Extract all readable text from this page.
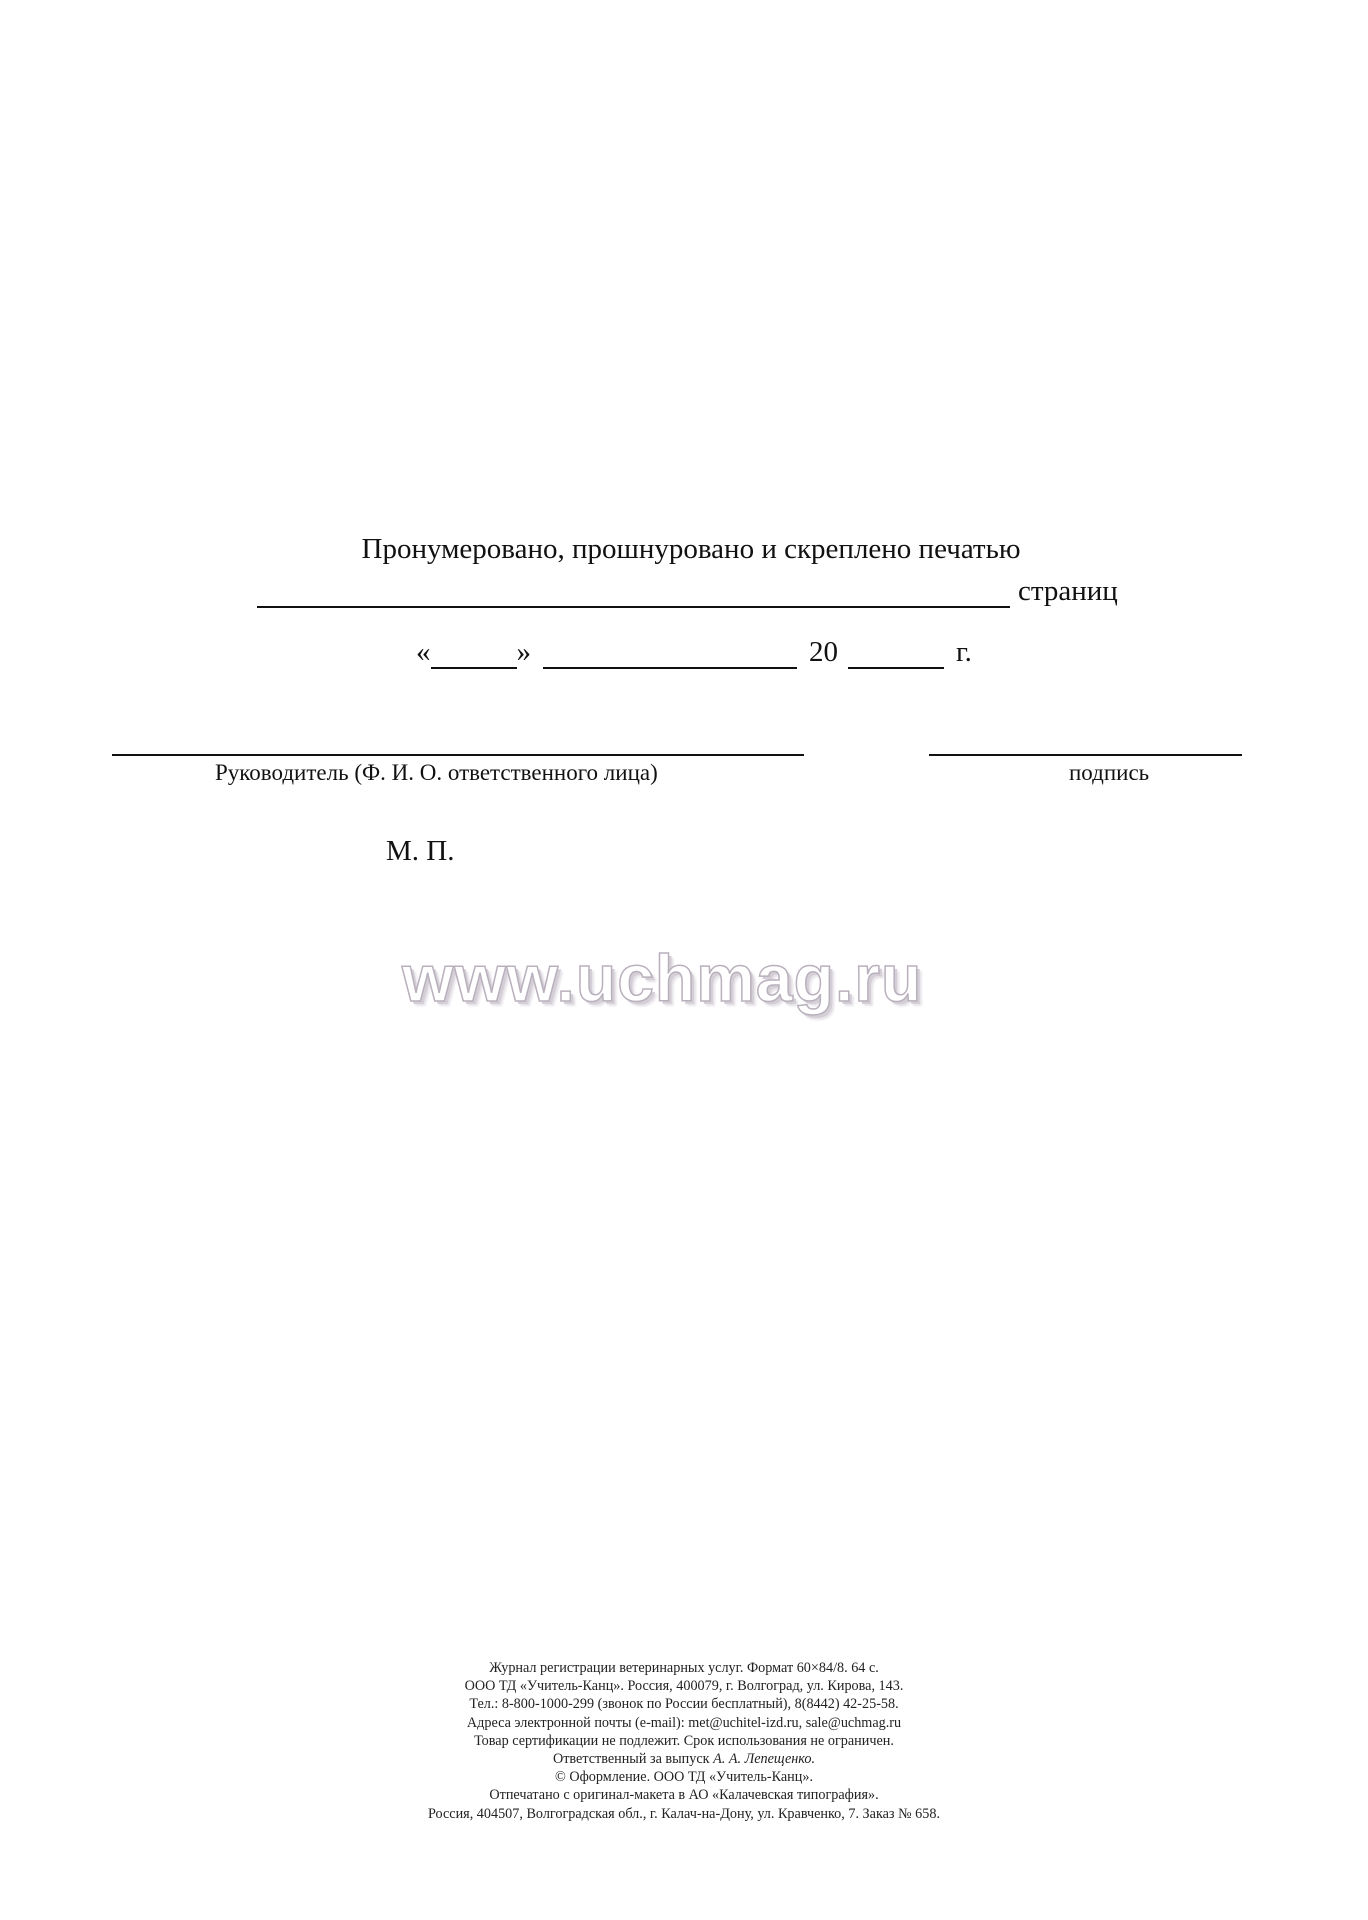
Пронумеровано, прошнуровано и скреплено печатью
страниц
«	»	20	г.
Руководитель (Ф. И. О. ответственного лица)	подпись
М. П.
www.uchmag.ru
Журнал регистрации ветеринарных услуг. Формат 60×84/8. 64 с.
ООО ТД «Учитель-Канц». Россия, 400079, г. Волгоград, ул. Кирова, 143.
Тел.: 8-800-1000-299 (звонок по России бесплатный), 8(8442) 42-25-58.
Адреса электронной почты (e-mail): met@uchitel-izd.ru, sale@uchmag.ru
Товар сертификации не подлежит. Срок использования не ограничен.
Ответственный за выпуск А. А. Лепещенко.
© Оформление. ООО ТД «Учитель-Канц».
Отпечатано с оригинал-макета в АО «Калачевская типография».
Россия, 404507, Волгоградская обл., г. Калач-на-Дону, ул. Кравченко, 7. Заказ № 658.
